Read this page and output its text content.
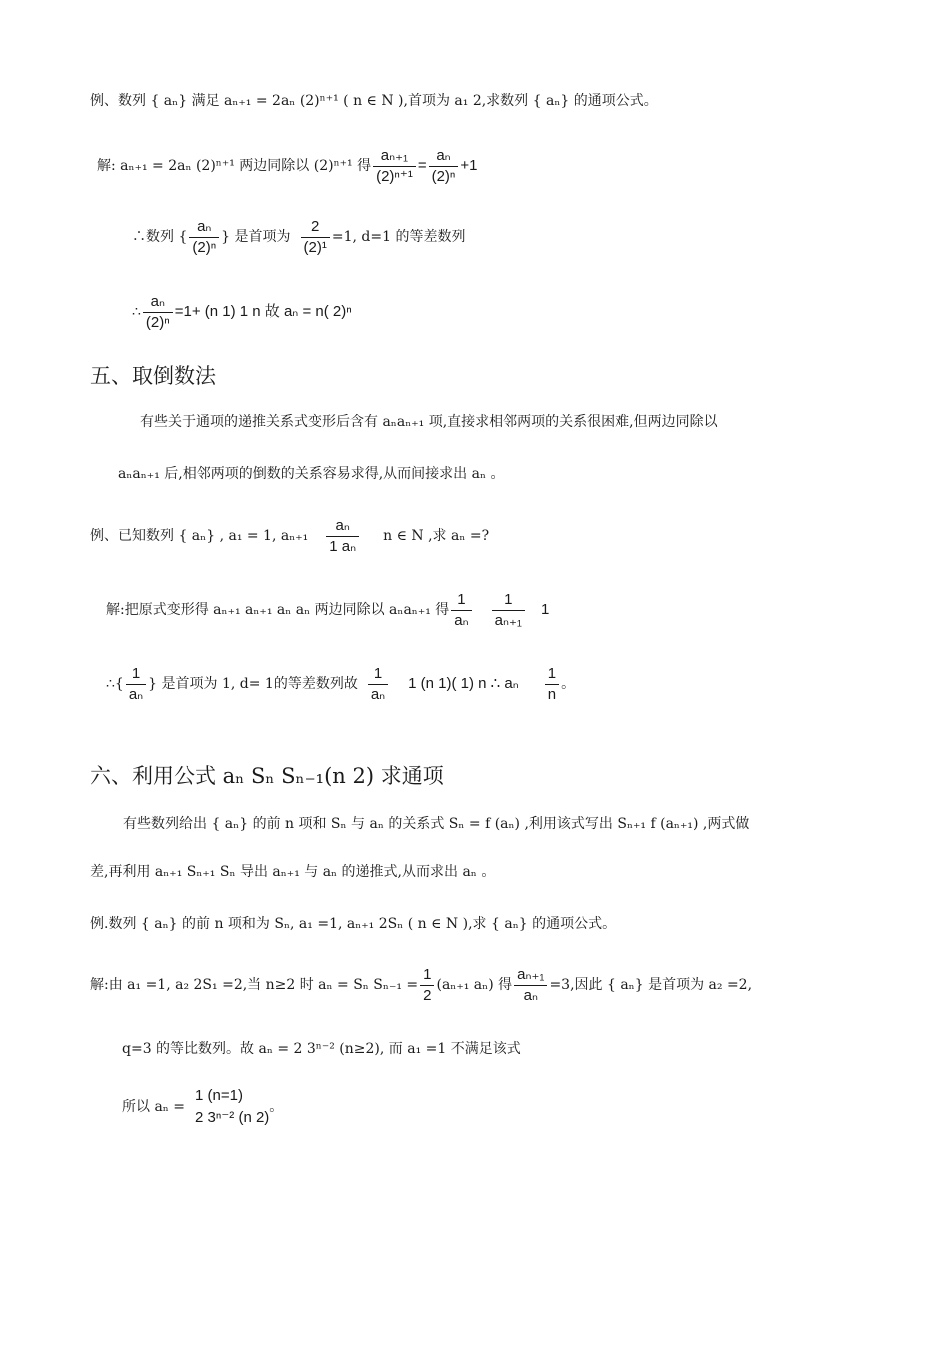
例、数列 { aₙ} 满足 aₙ₊₁ = 2aₙ (2)ⁿ⁺¹ ( n ∈ N ),首项为 a₁ 2,求数列 { aₙ} 的通项公式。
解: aₙ₊₁ = 2aₙ (2)ⁿ⁺¹ 两边同除以 (2)ⁿ⁺¹ 得 $\frac{\text{aₙ₊₁}}{\text{(2)ⁿ⁺¹}} = \frac{\text{aₙ}}{\text{(2)ⁿ}} +1$
∴数列 { $\frac{\text{aₙ}}{\text{(2)ⁿ}}$ } 是首项为 $\frac{2}{\text{(2)¹}} =1$, d=1 的等差数列
∴ $\frac{\text{aₙ}}{\text{(2)ⁿ}} =1+ (n$ 1) 1 n 故 aₙ = n( 2)ⁿ
五、取倒数法
有些关于通项的递推关系式变形后含有 aₙaₙ₊₁ 项,直接求相邻两项的关系很困难,但两边同除以
aₙaₙ₊₁ 后,相邻两项的倒数的关系容易求得,从而间接求出 aₙ 。
例、已知数列 { aₙ} , a₁ = 1, $a_{n+1} \frac{\text{aₙ}}{\text{1 aₙ}}$ n ∈ N ,求 aₙ =?
解:把原式变形得 aₙ₊₁ aₙ₊₁ aₙ aₙ 两边同除以 aₙaₙ₊₁ 得 $\frac{1}{\text{aₙ}} \frac{1}{\text{aₙ₊₁}} 1$
∴{ $\frac{1}{\text{aₙ}}$ } 是首项为 1, d= 1的等差数列故 $\frac{1}{\text{aₙ}} 1$ (n 1)( 1) n ∴ aₙ $\frac{1}{n}$ 。
六、利用公式 aₙ Sₙ Sₙ₋₁(n 2) 求通项
有些数列给出 { aₙ} 的前 n 项和 Sₙ 与 aₙ 的关系式 Sₙ = f (aₙ) ,利用该式写出 Sₙ₊₁ f (aₙ₊₁) ,两式做
差,再利用 aₙ₊₁ Sₙ₊₁ Sₙ 导出 aₙ₊₁ 与 aₙ 的递推式,从而求出 aₙ 。
例.数列 { aₙ} 的前 n 项和为 Sₙ, a₁ =1, aₙ₊₁ 2Sₙ ( n ∈ N ),求 { aₙ} 的通项公式。
解:由 a₁ =1, a₂ 2S₁ =2,当 n≥2 时 aₙ = Sₙ $S_{n-1} = \frac{1}{2} (a_{n+1}$ aₙ) 得 $\frac{\text{aₙ₊₁}}{\text{aₙ}} =3$,因此 { aₙ} 是首项为 a₂ =2,
q=3 的等比数列。故 aₙ = 2 3ⁿ⁻² (n≥2), 而 a₁ =1 不满足该式
所以 aₙ =
1 (n=1)
2 3ⁿ⁻² (n 2)
。
